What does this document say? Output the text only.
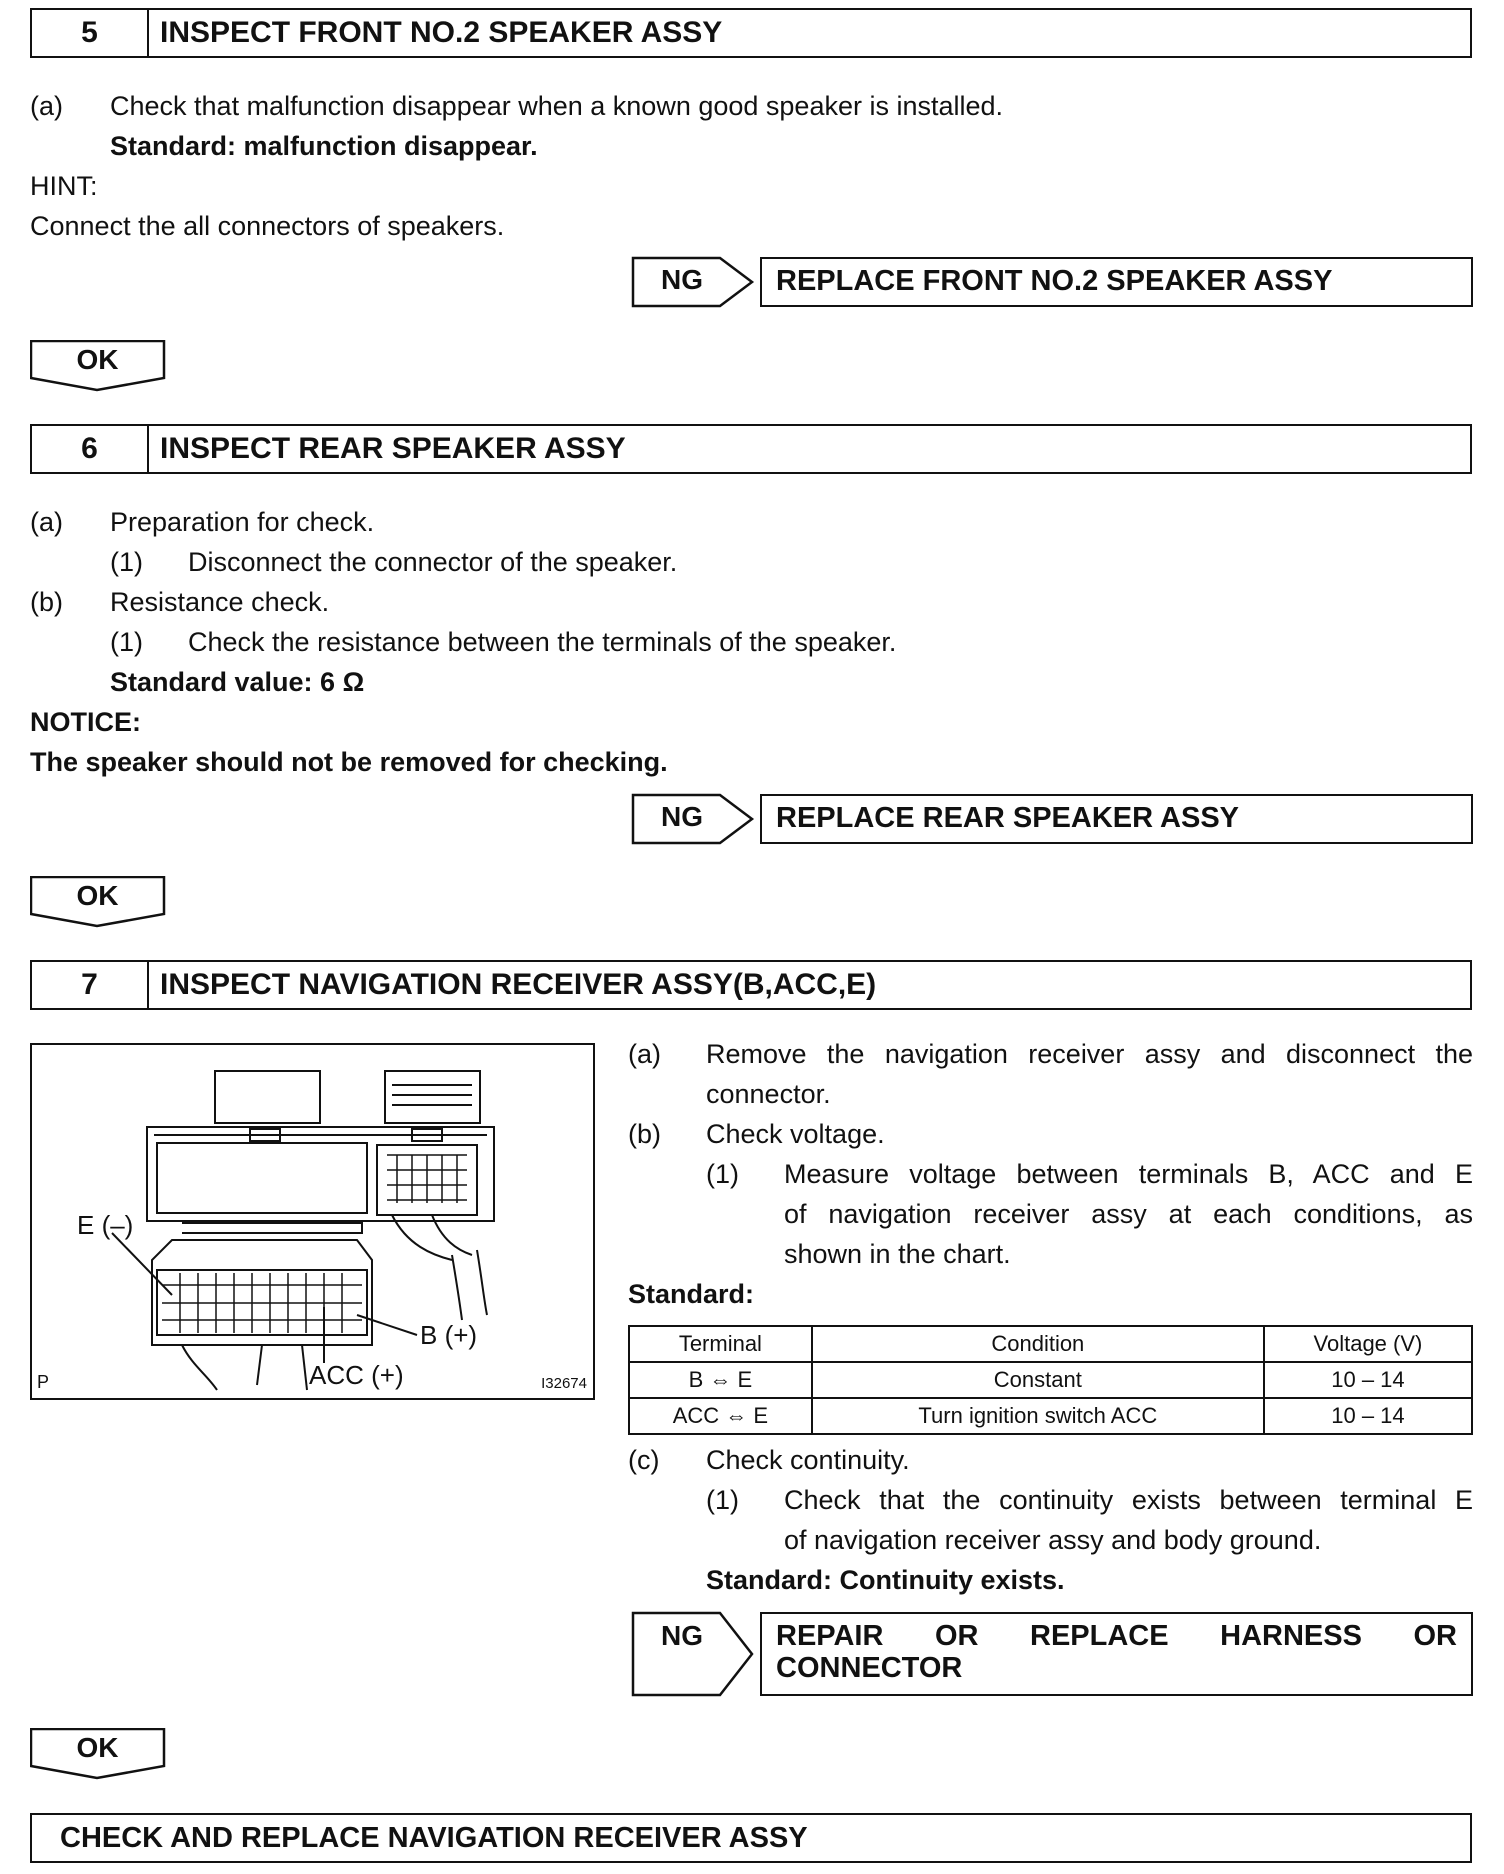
5	INSPECT FRONT NO.2 SPEAKER ASSY
(a) Check that malfunction disappear when a known good speaker is installed.
Standard: malfunction disappear.
HINT:
Connect the all connectors of speakers.
NG	REPLACE FRONT NO.2 SPEAKER ASSY
OK
6	INSPECT REAR SPEAKER ASSY
(a) Preparation for check.
(1) Disconnect the connector of the speaker.
(b) Resistance check.
(1) Check the resistance between the terminals of the speaker.
Standard value: 6 Ω
NOTICE:
The speaker should not be removed for checking.
NG	REPLACE REAR SPEAKER ASSY
OK
7	INSPECT NAVIGATION RECEIVER ASSY(B,ACC,E)
E (–)
B (+)
ACC (+)
P	I32674
(a) Remove the navigation receiver assy and disconnect the
connector.
(b) Check voltage.
(1) Measure voltage between terminals B, ACC and E
of navigation receiver assy at each conditions, as
shown in the chart.
Standard:
Terminal	Condition	Voltage (V)
B ⇔ E	Constant	10 – 14
ACC ⇔ E	Turn ignition switch ACC	10 – 14
(c) Check continuity.
(1) Check that the continuity exists between terminal E
of navigation receiver assy and body ground.
Standard: Continuity exists.
NG	REPAIR OR REPLACE HARNESS OR
CONNECTOR
OK
CHECK AND REPLACE NAVIGATION RECEIVER ASSY
